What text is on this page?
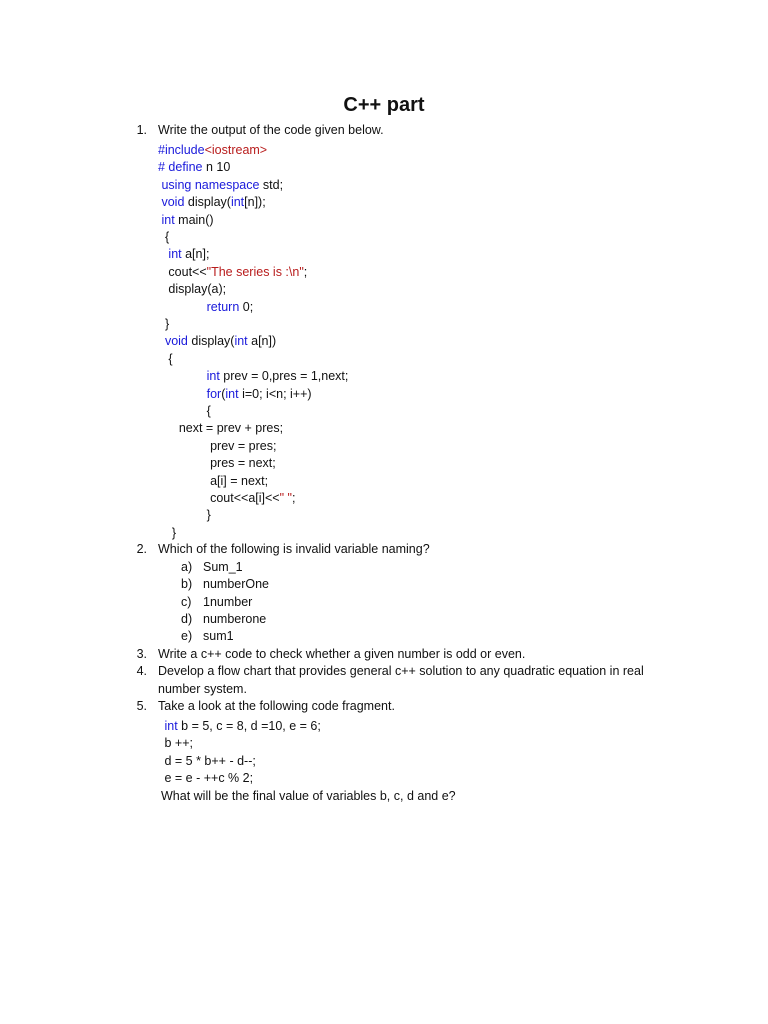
C++ part
1. Write the output of the code given below.
#include<iostream>
# define n 10
using namespace std;
void display(int[n]);
int main()
{
int a[n];
cout<<"The series is :\n";
display(a);
return 0;
}
void display(int a[n])
{
int prev = 0,pres = 1,next;
for(int i=0; i<n; i++)
{
next = prev + pres;
prev = pres;
pres = next;
a[i] = next;
cout<<a[i]<<" ";
}
}
2. Which of the following is invalid variable naming?
a) Sum_1
b) numberOne
c) 1number
d) numberone
e) sum1
3. Write a c++ code to check whether a given number is odd or even.
4. Develop a flow chart that provides general c++ solution to any quadratic equation in real
number system.
5. Take a look at the following code fragment.
int b = 5, c = 8, d =10, e = 6;
b ++;
d = 5 * b++ - d--;
e = e - ++c % 2;
What will be the final value of variables b, c, d and e?
